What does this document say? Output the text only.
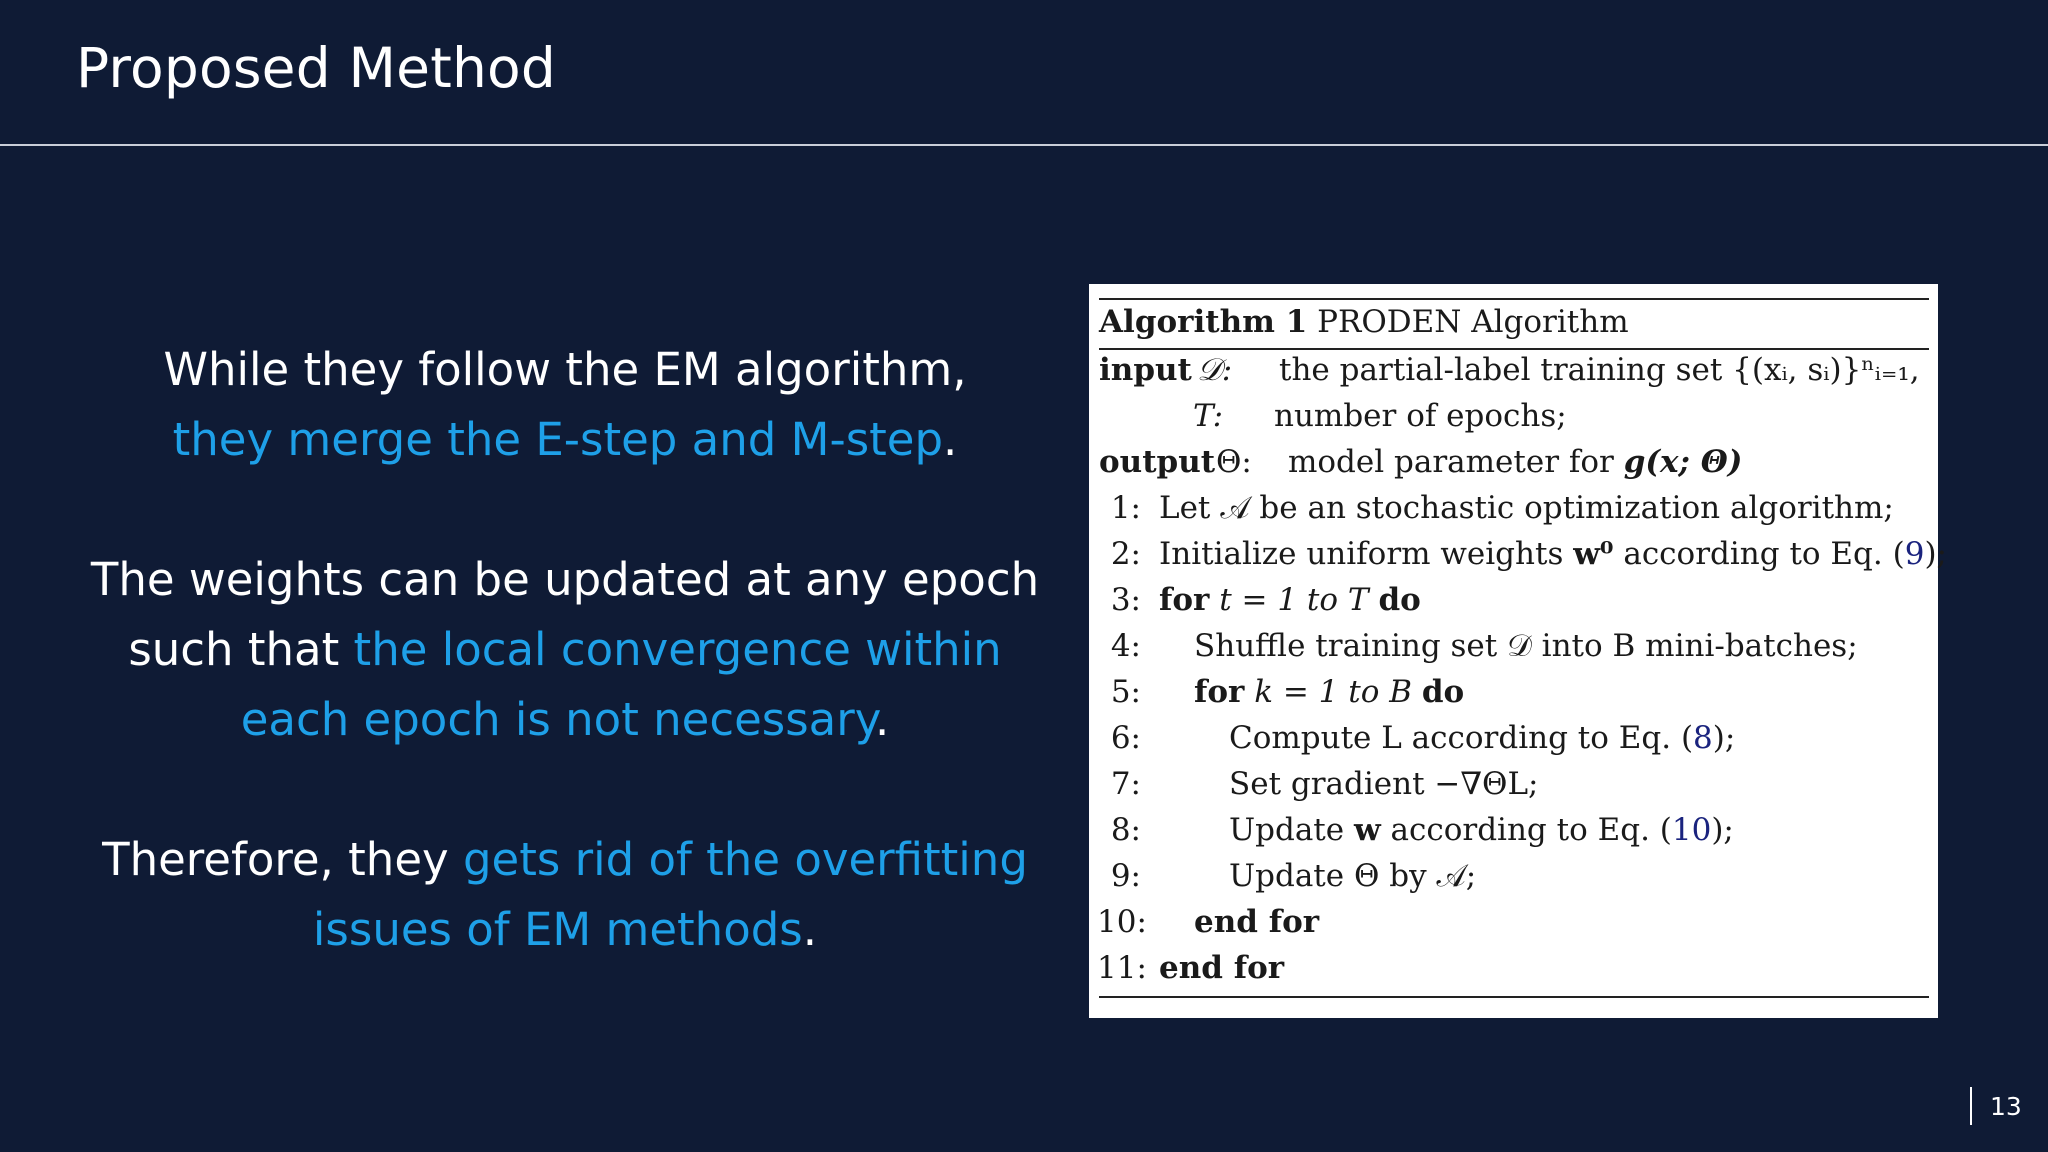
Proposed Method

While they follow the EM algorithm,
they merge the E-step and M-step.

The weights can be updated at any epoch such that the local convergence within each epoch is not necessary.

Therefore, they gets rid of the overfitting issues of EM methods.

Algorithm 1 PRODEN Algorithm
input 𝒟: the partial-label training set {(xᵢ, sᵢ)}ⁿᵢ₌₁,
T: number of epochs;
output Θ: model parameter for g(x; Θ)
1: Let 𝒜 be an stochastic optimization algorithm;
2: Initialize uniform weights w⁰ according to Eq. (9);
3: for t = 1 to T do
4: Shuffle training set 𝒟 into B mini-batches;
5: for k = 1 to B do
6:	Compute L according to Eq. (8);
7:	Set gradient −∇ΘL;
8:	Update w according to Eq. (10);
9:	Update Θ by 𝒜;
10: end for
11: end for
13
